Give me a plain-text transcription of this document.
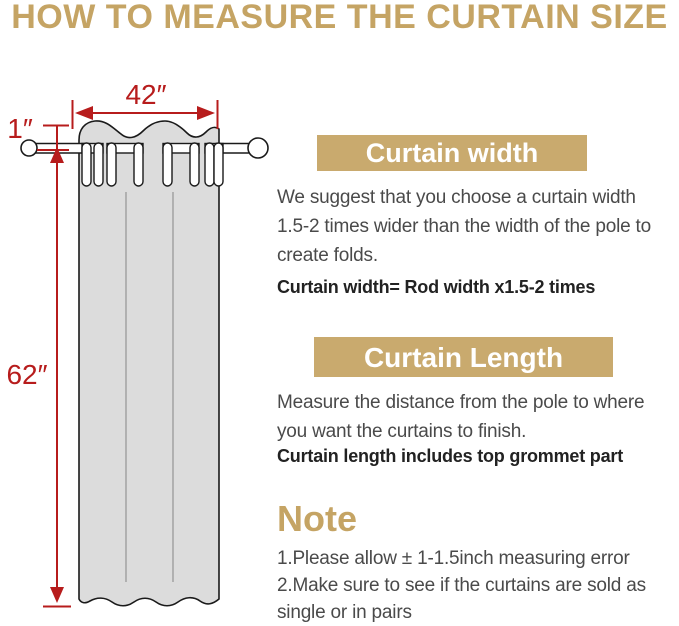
HOW TO MEASURE THE CURTAIN SIZE
42″
1″
62″
Curtain width
We suggest that you choose a curtain width 1.5-2 times wider than the width of the pole to create folds.
Curtain width= Rod width x1.5-2 times
Curtain Length
Measure the distance from the pole to where you want the curtains to finish.
Curtain length includes top grommet part
Note
1.Please allow ± 1-1.5inch measuring error
2.Make sure to see if the curtains are sold as single or in pairs
